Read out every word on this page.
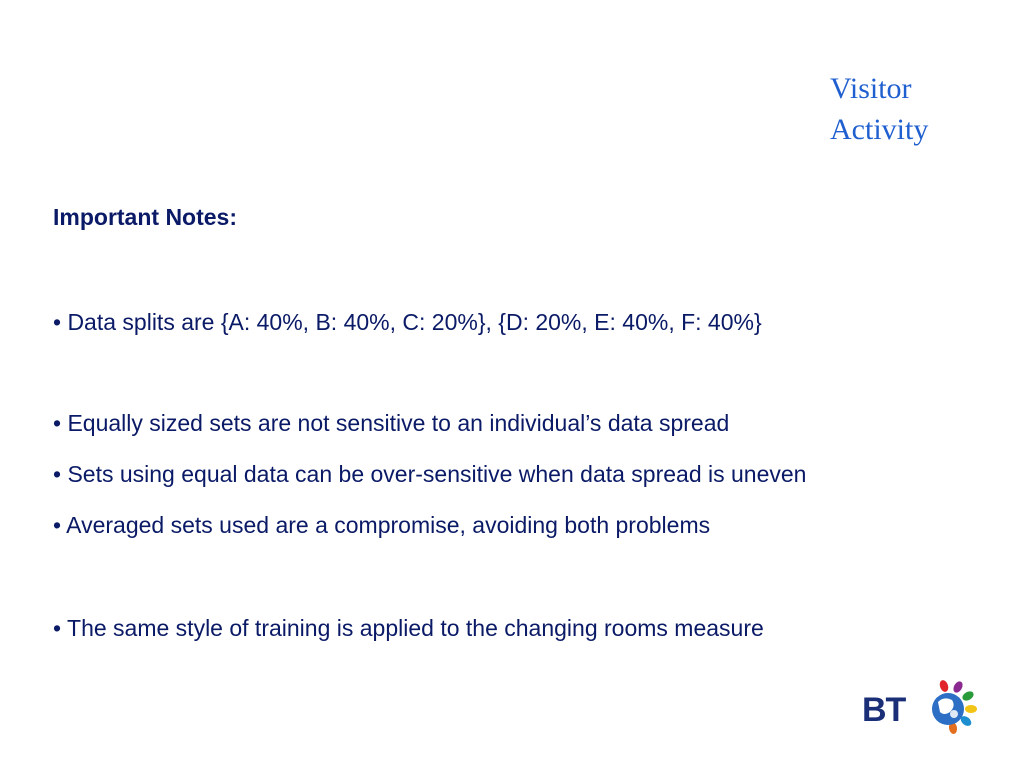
Visitor
Activity
Important Notes:
• Data splits are {A: 40%, B: 40%, C: 20%}, {D: 20%, E: 40%, F: 40%}
• Equally sized sets are not sensitive to an individual’s data spread
• Sets using equal data can be over-sensitive when data spread is uneven
• Averaged sets used are a compromise, avoiding both problems
• The same style of training is applied to the changing rooms measure
BT
